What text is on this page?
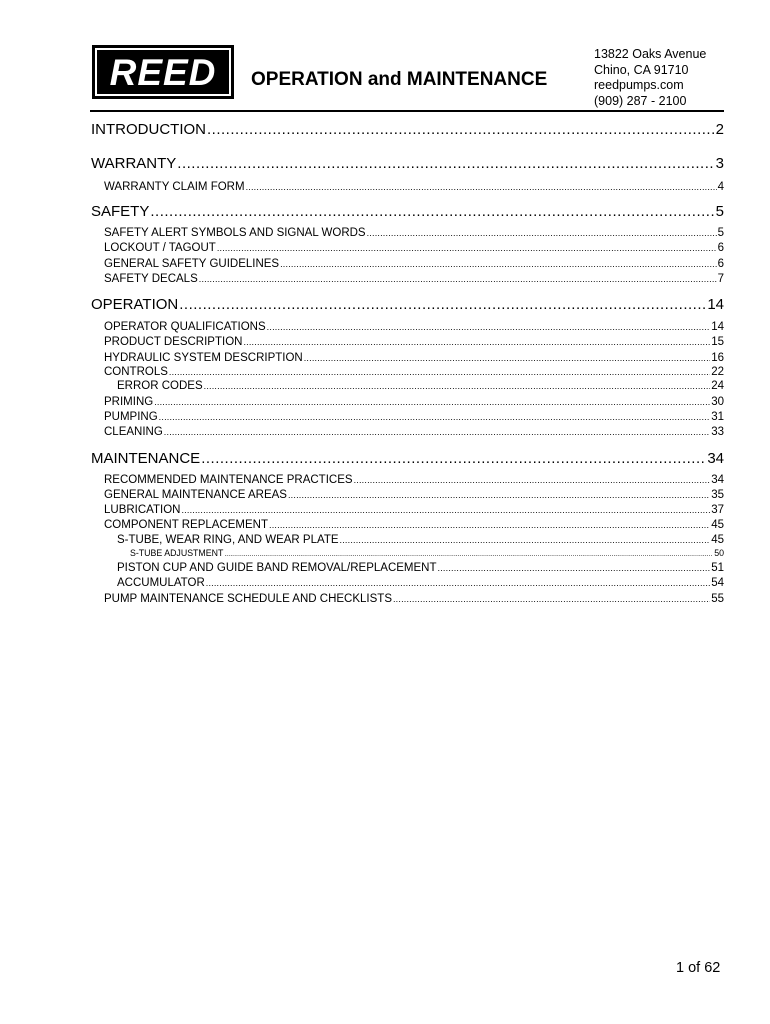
REED	OPERATION and MAINTENANCE
13822 Oaks Avenue
Chino, CA 91710
reedpumps.com
(909) 287 - 2100
INTRODUCTION .....	2
WARRANTY .....	3
WARRANTY CLAIM FORM .....	4
SAFETY .....	5
SAFETY ALERT SYMBOLS AND SIGNAL WORDS .....	5
LOCKOUT / TAGOUT .....	6
GENERAL SAFETY GUIDELINES .....	6
SAFETY DECALS .....	7
OPERATION .....	14
OPERATOR QUALIFICATIONS .....	14
PRODUCT DESCRIPTION .....	15
HYDRAULIC SYSTEM DESCRIPTION .....	16
CONTROLS .....	22
ERROR CODES .....	24
PRIMING .....	30
PUMPING .....	31
CLEANING .....	33
MAINTENANCE .....	34
RECOMMENDED MAINTENANCE PRACTICES .....	34
GENERAL MAINTENANCE AREAS .....	35
LUBRICATION .....	37
COMPONENT REPLACEMENT .....	45
S-TUBE, WEAR RING, AND WEAR PLATE .....	45
S-TUBE ADJUSTMENT .....	50
PISTON CUP AND GUIDE BAND REMOVAL/REPLACEMENT .....	51
ACCUMULATOR .....	54
PUMP MAINTENANCE SCHEDULE AND CHECKLISTS .....	55
1 of 62
